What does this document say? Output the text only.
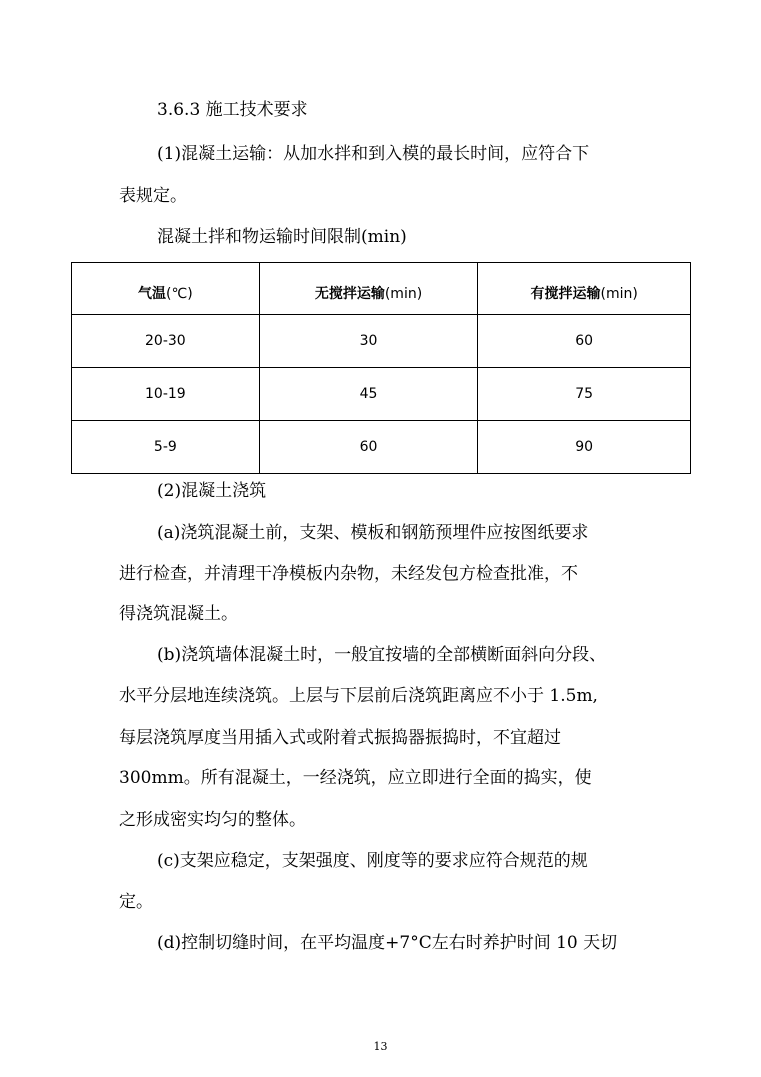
3.6.3 施工技术要求
(1)混凝土运输：从加水拌和到入模的最长时间，应符合下
表规定。
混凝土拌和物运输时间限制(min)
气温(℃)	无搅拌运输(min)	有搅拌运输(min)
20-30	30	60
10-19	45	75
5-9	60	90
(2)混凝土浇筑
(a)浇筑混凝土前，支架、模板和钢筋预埋件应按图纸要求
进行检查，并清理干净模板内杂物，未经发包方检查批准，不
得浇筑混凝土。
(b)浇筑墙体混凝土时，一般宜按墙的全部横断面斜向分段、
水平分层地连续浇筑。上层与下层前后浇筑距离应不小于 1.5m,
每层浇筑厚度当用插入式或附着式振捣器振捣时，不宜超过
300mm。所有混凝土，一经浇筑，应立即进行全面的捣实，使
之形成密实均匀的整体。
(c)支架应稳定，支架强度、刚度等的要求应符合规范的规
定。
(d)控制切缝时间，在平均温度+7°C左右时养护时间 10 天切
13
